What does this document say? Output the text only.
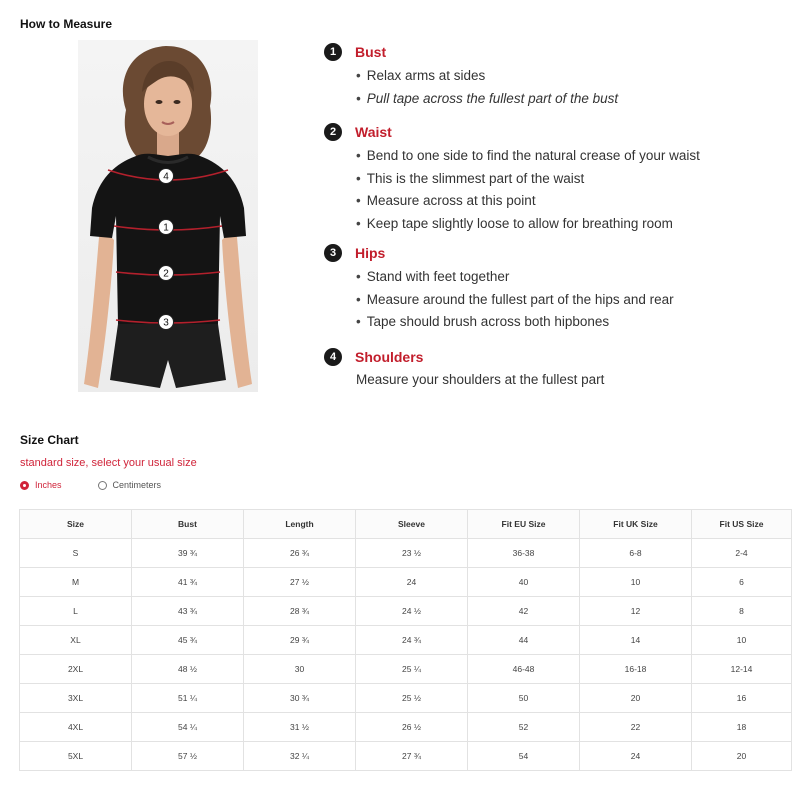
How to Measure
4
1
2
3
1	Bust
• Relax arms at sides
• Pull tape across the fullest part of the bust
2	Waist
• Bend to one side to find the natural crease of your waist
• This is the slimmest part of the waist
• Measure across at this point
• Keep tape slightly loose to allow for breathing room
3	Hips
• Stand with feet together
• Measure around the fullest part of the hips and rear
• Tape should brush across both hipbones
4	Shoulders
Measure your shoulders at the fullest part
Size Chart
standard size, select your usual size
Inches	Centimeters
Size	Bust	Length	Sleeve	Fit EU Size	Fit UK Size	Fit US Size
S	39 ¾	26 ¾	23 ½	36-38	6-8	2-4
M	41 ¾	27 ½	24	40	10	6
L	43 ¾	28 ¾	24 ½	42	12	8
XL	45 ¾	29 ¾	24 ¾	44	14	10
2XL	48 ½	30	25 ¼	46-48	16-18	12-14
3XL	51 ¼	30 ¾	25 ½	50	20	16
4XL	54 ¼	31 ½	26 ½	52	22	18
5XL	57 ½	32 ¼	27 ¾	54	24	20
